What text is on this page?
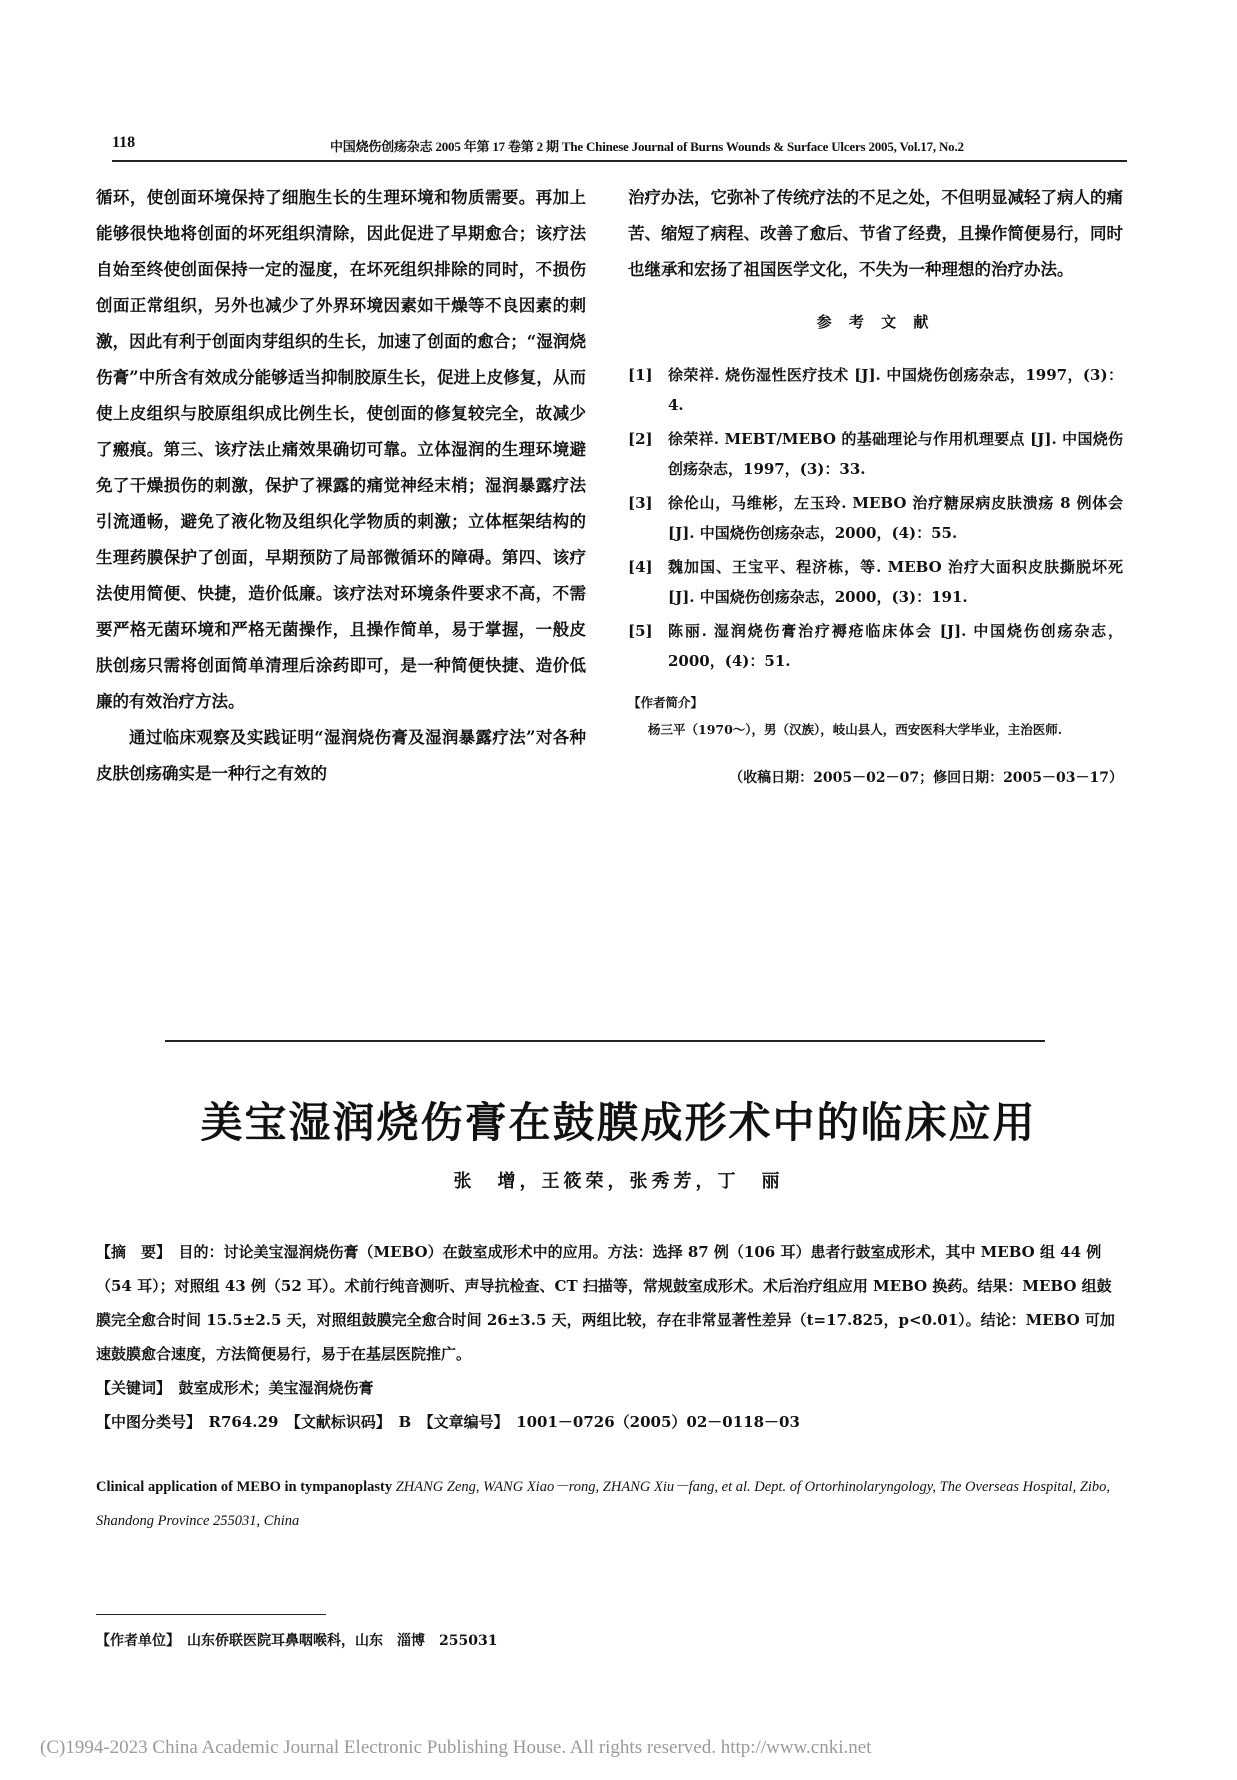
118	中国烧伤创疡杂志 2005 年第 17 卷第 2 期 The Chinese Journal of Burns Wounds & Surface Ulcers 2005, Vol.17, No.2

循环，使创面环境保持了细胞生长的生理环境和物质需要。再加上能够很快地将创面的坏死组织清除，因此促进了早期愈合；该疗法自始至终使创面保持一定的湿度，在坏死组织排除的同时，不损伤创面正常组织，另外也减少了外界环境因素如干燥等不良因素的刺激，因此有利于创面肉芽组织的生长，加速了创面的愈合；“湿润烧伤膏”中所含有效成分能够适当抑制胶原生长，促进上皮修复，从而使上皮组织与胶原组织成比例生长，使创面的修复较完全，故减少了瘢痕。第三、该疗法止痛效果确切可靠。立体湿润的生理环境避免了干燥损伤的刺激，保护了裸露的痛觉神经末梢；湿润暴露疗法引流通畅，避免了液化物及组织化学物质的刺激；立体框架结构的生理药膜保护了创面，早期预防了局部微循环的障碍。第四、该疗法使用简便、快捷，造价低廉。该疗法对环境条件要求不高，不需要严格无菌环境和严格无菌操作，且操作简单，易于掌握，一般皮肤创疡只需将创面简单清理后涂药即可，是一种简便快捷、造价低廉的有效治疗方法。

通过临床观察及实践证明“湿润烧伤膏及湿润暴露疗法”对各种皮肤创疡确实是一种行之有效的

治疗办法，它弥补了传统疗法的不足之处，不但明显减轻了病人的痛苦、缩短了病程、改善了愈后、节省了经费，且操作简便易行，同时也继承和宏扬了祖国医学文化，不失为一种理想的治疗办法。

参 考 文 献

[1]	徐荣祥. 烧伤湿性医疗技术 [J]. 中国烧伤创疡杂志，1997，(3)：4.

[2]	徐荣祥. MEBT/MEBO 的基础理论与作用机理要点 [J]. 中国烧伤创疡杂志，1997，(3)：33.

[3]	徐伦山，马维彬，左玉玲. MEBO 治疗糖尿病皮肤溃疡 8 例体会 [J]. 中国烧伤创疡杂志，2000，(4)：55.

[4]	魏加国、王宝平、程济栋，等. MEBO 治疗大面积皮肤撕脱坏死 [J]. 中国烧伤创疡杂志，2000，(3)：191.

[5]	陈丽. 湿润烧伤膏治疗褥疮临床体会 [J]. 中国烧伤创疡杂志，2000，(4)：51.

【作者简介】

杨三平（1970～），男（汉族），岐山县人，西安医科大学毕业，主治医师.

（收稿日期：2005－02－07；修回日期：2005－03－17）

美宝湿润烧伤膏在鼓膜成形术中的临床应用
张　增，王筱荣，张秀芳，丁　丽

【摘　要】　 目的：讨论美宝湿润烧伤膏（MEBO）在鼓室成形术中的应用。方法：选择 87 例（106 耳）患者行鼓室成形术，其中 MEBO 组 44 例（54 耳）；对照组 43 例（52 耳）。术前行纯音测听、声导抗检查、CT 扫描等，常规鼓室成形术。术后治疗组应用 MEBO 换药。结果：MEBO 组鼓膜完全愈合时间 15.5±2.5 天，对照组鼓膜完全愈合时间 26±3.5 天，两组比较，存在非常显著性差异（t=17.825，p<0.01）。结论：MEBO 可加速鼓膜愈合速度，方法简便易行，易于在基层医院推广。

【关键词】　 鼓室成形术；美宝湿润烧伤膏

【中图分类号】　 R764.29　 【文献标识码】　 B　 【文章编号】　 1001－0726（2005）02－0118－03

Clinical application of MEBO in tympanoplasty ZHANG Zeng, WANG Xiao－rong, ZHANG Xiu－fang, et al. Dept. of Ortorhinolaryngology, The Overseas Hospital, Zibo, Shandong Province 255031, China
【作者单位】　 山东侨联医院耳鼻咽喉科，山东　淄博　255031
(C)1994-2023 China Academic Journal Electronic Publishing House. All rights reserved. http://www.cnki.net
